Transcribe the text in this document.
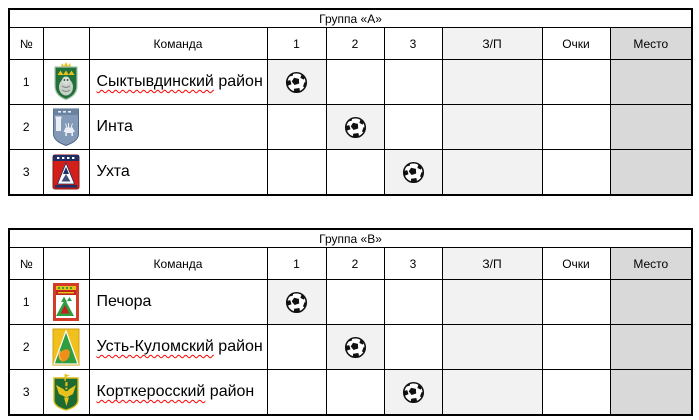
Группа «А»								
№		Команда	1	2	3	З/П	Очки	Место
1		Сыктывдинский район	

2		Инта		

3		Ухта			

Группа «В»								
№		Команда	1	2	3	З/П	Очки	Место
1		Печора	

2		Усть-Куломский район		

3		Корткеросский район			
